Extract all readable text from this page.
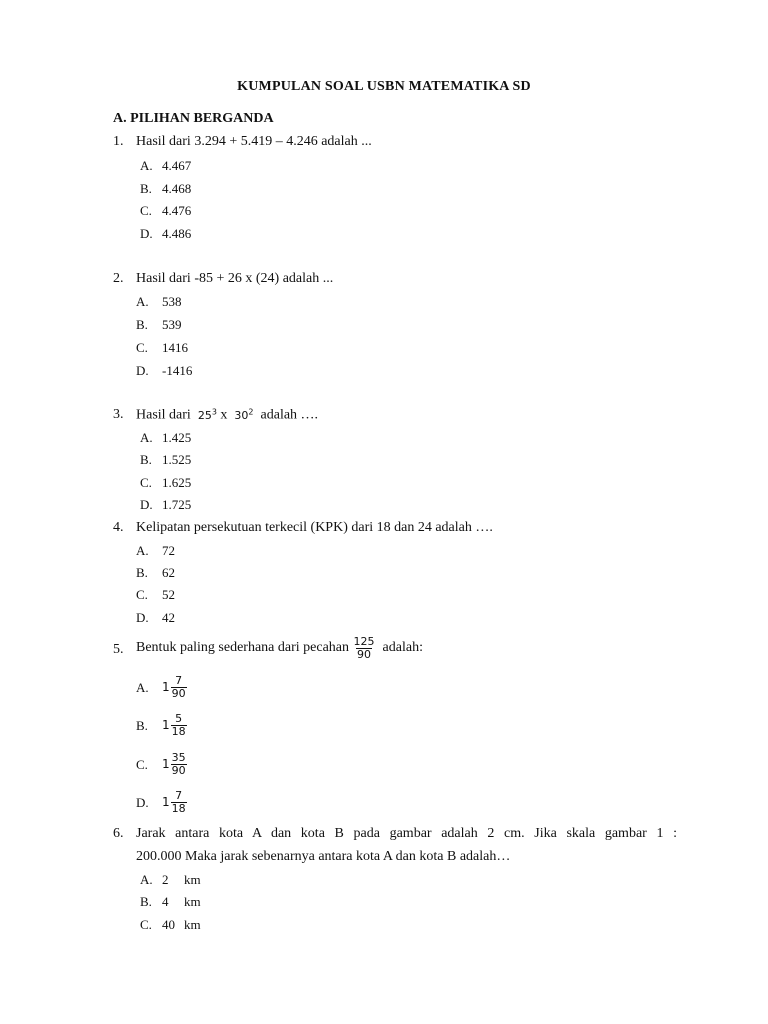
KUMPULAN SOAL USBN MATEMATIKA SD
A. PILIHAN BERGANDA
1. Hasil dari 3.294 + 5.419 – 4.246 adalah ...
A. 4.467
B. 4.468
C. 4.476
D. 4.486
2. Hasil dari -85 + 26 x (24) adalah ...
A. 538
B. 539
C. 1416
D. -1416
3. Hasil dari $25^3$ x $30^2$ adalah ….
A. 1.425
B. 1.525
C. 1.625
D. 1.725
4. Kelipatan persekutuan terkecil (KPK) dari 18 dan 24 adalah ….
A. 72
B. 62
C. 52
D. 42
5. Bentuk paling sederhana dari pecahan
$\frac{125}{90}$
adalah:
A. $1 \frac{7}{90}$
B. $1 \frac{5}{18}$
C. $1 \frac{35}{90}$
D. $1 \frac{7}{18}$
6. Jarak antara kota A dan kota B pada gambar adalah 2 cm. Jika skala gambar 1 :
200.000 Maka jarak sebenarnya antara kota A dan kota B adalah…
A. 2 km
B. 4 km
C. 40 km
